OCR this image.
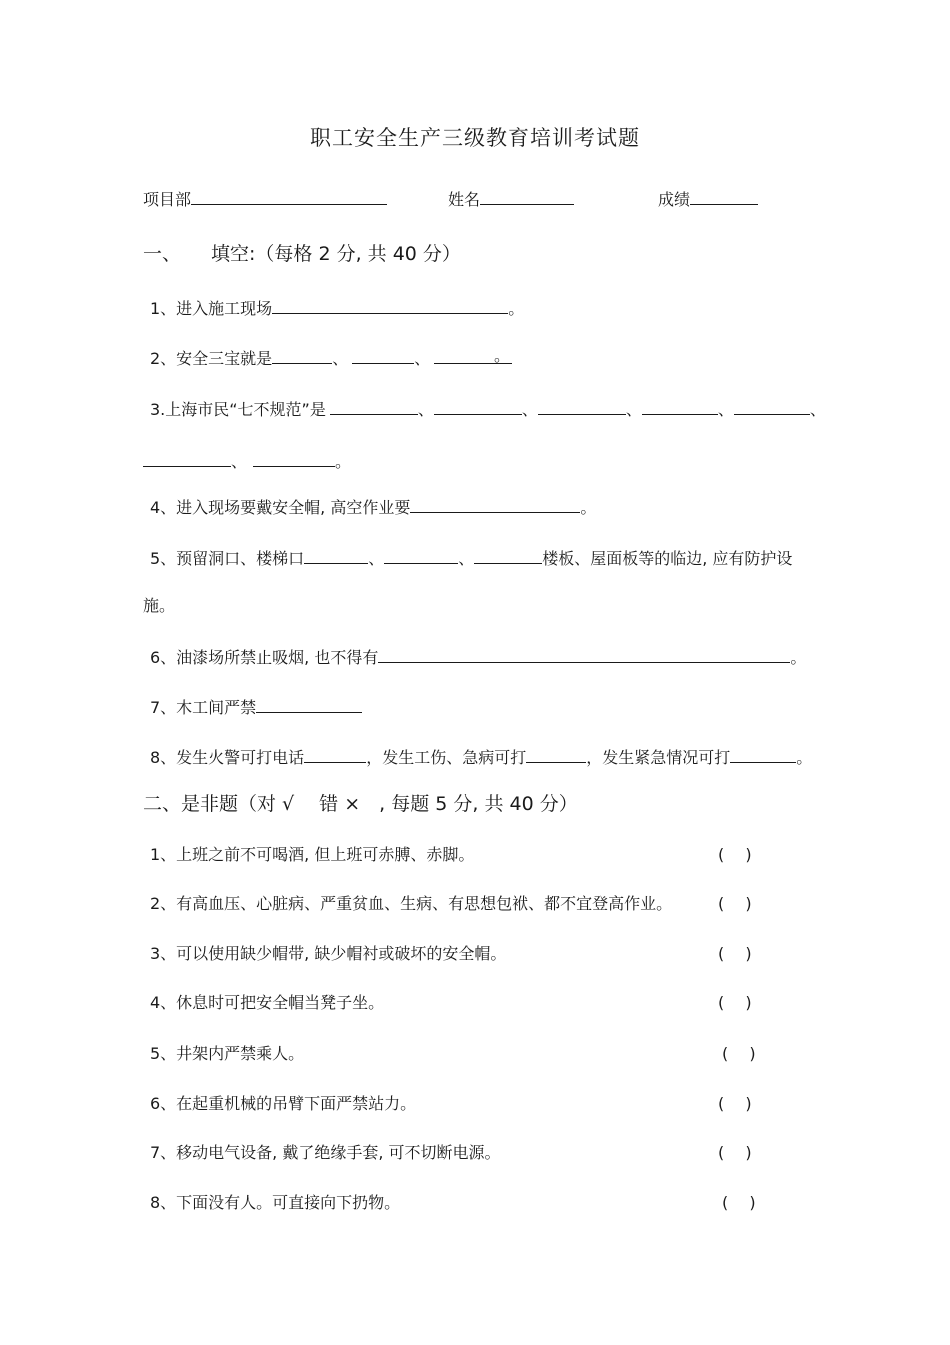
职工安全生产三级教育培训考试题
项目部	姓名	成绩
一、 填空:（每格 2 分, 共 40 分）
1、进入施工现场	。
2、安全三宝就是	、	、	。
3.上海市民“七不规范”是	、	、	、	、	、
、	。
4、进入现场要戴安全帽, 高空作业要	。
5、预留洞口、楼梯口	、	、	楼板、屋面板等的临边, 应有防护设
施。
6、油漆场所禁止吸烟, 也不得有	。
7、木工间严禁
8、发生火警可打电话	，发生工伤、急病可打	，发生紧急情况可打	。
二、是非题（对 √　 错 ×　, 每题 5 分, 共 40 分）
1、上班之前不可喝酒, 但上班可赤膊、赤脚。	(　 )
2、有高血压、心脏病、严重贫血、生病、有思想包袱、都不宜登高作业。	(　 )
3、可以使用缺少帽带, 缺少帽衬或破坏的安全帽。	(　 )
4、休息时可把安全帽当凳子坐。	(　 )
5、井架内严禁乘人。	(　 )
6、在起重机械的吊臂下面严禁站力。	(　 )
7、移动电气设备, 戴了绝缘手套, 可不切断电源。	(　 )
8、下面没有人。可直接向下扔物。	(　 )
